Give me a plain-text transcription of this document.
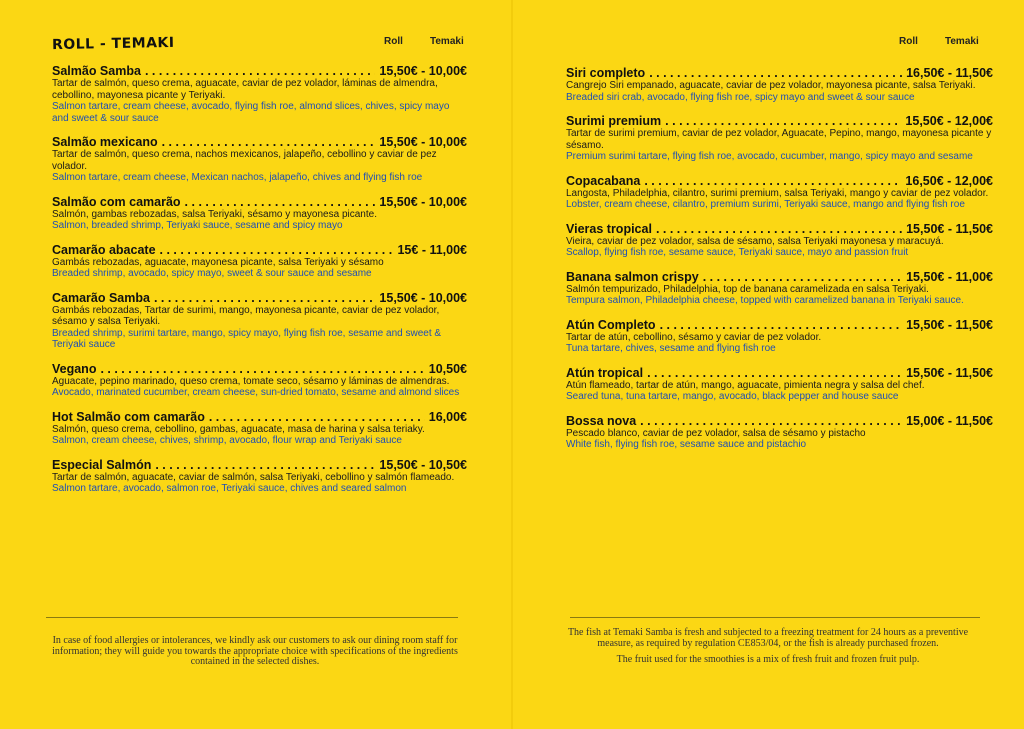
ROLL - TEMAKI	Roll	Temaki
Salmão Samba . . .	15,50€ - 10,00€
Tartar de salmón, queso crema, aguacate, caviar de pez volador, láminas de almendra, cebollino, mayonesa picante y Teriyaki.
Salmon tartare, cream cheese, avocado, flying fish roe, almond slices, chives, spicy mayo and sweet & sour sauce
Salmão mexicano . . .	15,50€ - 10,00€
Tartar de salmón, queso crema, nachos mexicanos, jalapeño, cebollino y caviar de pez volador.
Salmon tartare, cream cheese, Mexican nachos, jalapeño, chives and flying fish roe
Salmão com camarão . . .	15,50€ - 10,00€
Salmón, gambas rebozadas, salsa Teriyaki, sésamo y mayonesa picante.
Salmon, breaded shrimp, Teriyaki sauce, sesame and spicy mayo
Camarão abacate . . .	15€ - 11,00€
Gambás rebozadas, aguacate, mayonesa picante, salsa Teriyaki y sésamo
Breaded shrimp, avocado, spicy mayo, sweet & sour sauce and sesame
Camarão Samba . . .	15,50€ - 10,00€
Gambás rebozadas, Tartar de surimi, mango, mayonesa picante, caviar de pez volador, sésamo y salsa Teriyaki.
Breaded shrimp, surimi tartare, mango, spicy mayo, flying fish roe, sesame and sweet & Teriyaki sauce
Vegano . . .	10,50€
Aguacate, pepino marinado, queso crema, tomate seco, sésamo y láminas de almendras.
Avocado, marinated cucumber, cream cheese, sun-dried tomato, sesame and almond slices
Hot Salmão com camarão . . .	16,00€
Salmón, queso crema, cebollino, gambas, aguacate, masa de harina y salsa teriaky.
Salmon, cream cheese, chives, shrimp, avocado, flour wrap and Teriyaki sauce
Especial Salmón . . .	15,50€ - 10,50€
Tartar de salmón, aguacate, caviar de salmón, salsa Teriyaki, cebollino y salmón flameado.
Salmon tartare, avocado, salmon roe, Teriyaki sauce, chives and seared salmon

In case of food allergies or intolerances, we kindly ask our customers to ask our dining room staff for information; they will guide you towards the appropriate choice with specifications of the ingredients contained in the selected dishes.

Roll	Temaki
Siri completo . . .	16,50€ - 11,50€
Cangrejo Siri empanado, aguacate, caviar de pez volador, mayonesa picante, salsa Teriyaki.
Breaded siri crab, avocado, flying fish roe, spicy mayo and sweet & sour sauce
Surimi premium . . .	15,50€ - 12,00€
Tartar de surimi premium, caviar de pez volador, Aguacate, Pepino, mango, mayonesa picante y sésamo.
Premium surimi tartare, flying fish roe, avocado, cucumber, mango, spicy mayo and sesame
Copacabana . . .	16,50€ - 12,00€
Langosta, Philadelphia, cilantro, surimi premium, salsa Teriyaki, mango y caviar de pez volador.
Lobster, cream cheese, cilantro, premium surimi, Teriyaki sauce, mango and flying fish roe
Vieras tropical . . .	15,50€ - 11,50€
Vieira, caviar de pez volador, salsa de sésamo, salsa Teriyaki mayonesa y maracuyá.
Scallop, flying fish roe, sesame sauce, Teriyaki sauce, mayo and passion fruit
Banana salmon crispy . . .	15,50€ - 11,00€
Salmón tempurizado, Philadelphia, top de banana caramelizada en salsa Teriyaki.
Tempura salmon, Philadelphia cheese, topped with caramelized banana in Teriyaki sauce.
Atún Completo . . .	15,50€ - 11,50€
Tartar de atún, cebollino, sésamo y caviar de pez volador.
Tuna tartare, chives, sesame and flying fish roe
Atún tropical . . .	15,50€ - 11,50€
Atún flameado, tartar de atún, mango, aguacate, pimienta negra y salsa del chef.
Seared tuna, tuna tartare, mango, avocado, black pepper and house sauce
Bossa nova . . .	15,00€ - 11,50€
Pescado blanco, caviar de pez volador, salsa de sésamo y pistacho
White fish, flying fish roe, sesame sauce and pistachio

The fish at Temaki Samba is fresh and subjected to a freezing treatment for 24 hours as a preventive measure, as required by regulation CE853/04, or the fish is already purchased frozen.

The fruit used for the smoothies is a mix of fresh fruit and frozen fruit pulp.
